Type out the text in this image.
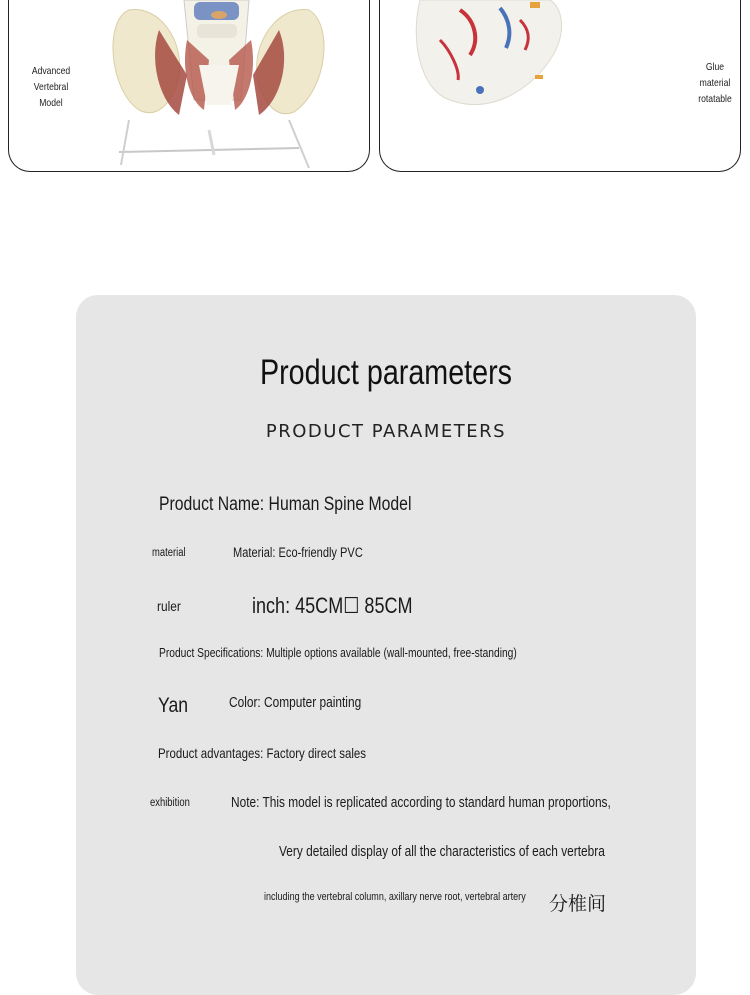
Advanced
Vertebral
Model
Glue
material
rotatable
Product parameters
PRODUCT PARAMETERS
Product Name: Human Spine Model
material	Material: Eco-friendly PVC
ruler	inch: 45CM☐ 85CM
Product Specifications: Multiple options available (wall-mounted, free-standing)
Yan	Color: Computer painting
Product advantages: Factory direct sales
exhibition	Note: This model is replicated according to standard human proportions,
Very detailed display of all the characteristics of each vertebra
including the vertebral column, axillary nerve root, vertebral artery 分椎间
